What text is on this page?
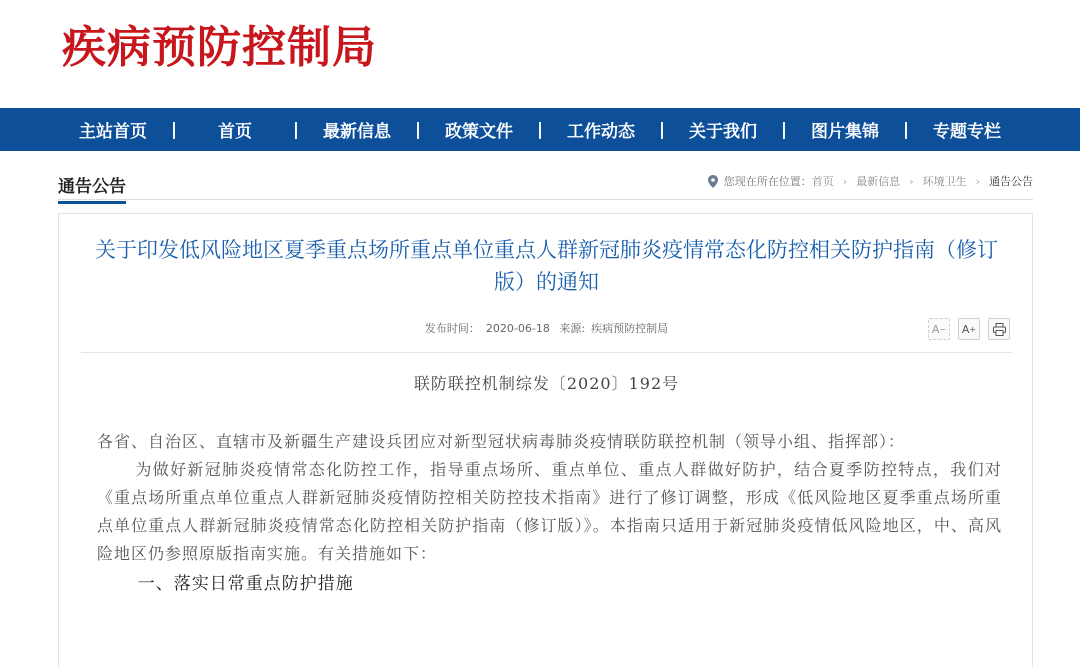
疾病预防控制局
主站首页	|	首页	|	最新信息	|	政策文件	|	工作动态	|	关于我们	|	图片集锦	|	专题专栏
通告公告	您现在所在位置： 首页 › 最新信息 › 环境卫生 › 通告公告
关于印发低风险地区夏季重点场所重点单位重点人群新冠肺炎疫情常态化防控相关防护指南（修订版）的通知
发布时间： 2020-06-18 来源: 疾病预防控制局	A − A +
联防联控机制综发〔2020〕192号

各省、自治区、直辖市及新疆生产建设兵团应对新型冠状病毒肺炎疫情联防联控机制（领导小组、指挥部）：

为做好新冠肺炎疫情常态化防控工作，指导重点场所、重点单位、重点人群做好防护，结合夏季防控特点，我们对《重点场所重点单位重点人群新冠肺炎疫情防控相关防控技术指南》进行了修订调整，形成《低风险地区夏季重点场所重点单位重点人群新冠肺炎疫情常态化防控相关防护指南（修订版）》。本指南只适用于新冠肺炎疫情低风险地区，中、高风险地区仍参照原版指南实施。有关措施如下：

一、落实日常重点防护措施
